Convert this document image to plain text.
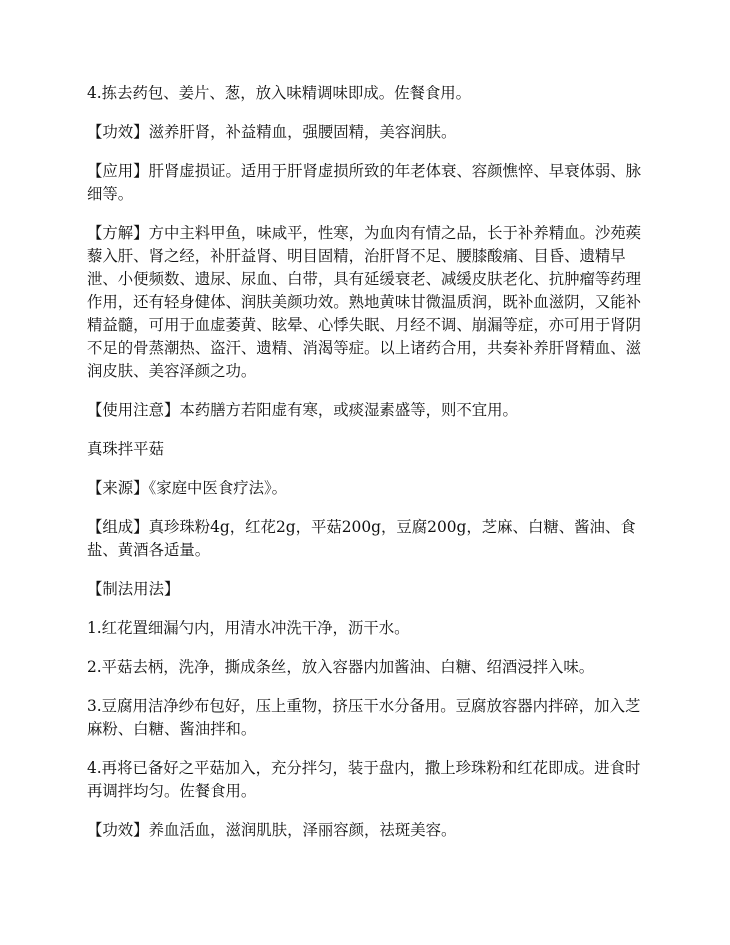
4.拣去药包、姜片、葱，放入味精调味即成。佐餐食用。

【功效】滋养肝肾，补益精血，强腰固精，美容润肤。

【应用】肝肾虚损证。适用于肝肾虚损所致的年老体衰、容颜憔悴、早衰体弱、脉细等。

【方解】方中主料甲鱼，味咸平，性寒，为血肉有情之品，长于补养精血。沙苑蒺藜入肝、肾之经，补肝益肾、明目固精，治肝肾不足、腰膝酸痛、目昏、遗精早泄、小便频数、遗尿、尿血、白带，具有延缓衰老、减缓皮肤老化、抗肿瘤等药理作用，还有轻身健体、润肤美颜功效。熟地黄味甘微温质润，既补血滋阴，又能补精益髓，可用于血虚萎黄、眩晕、心悸失眠、月经不调、崩漏等症，亦可用于肾阴不足的骨蒸潮热、盗汗、遗精、消渴等症。以上诸药合用，共奏补养肝肾精血、滋润皮肤、美容泽颜之功。

【使用注意】本药膳方若阳虚有寒，或痰湿素盛等，则不宜用。

真珠拌平菇

【来源】《家庭中医食疗法》。

【组成】真珍珠粉4g，红花2g，平菇200g，豆腐200g，芝麻、白糖、酱油、食盐、黄酒各适量。

【制法用法】

1.红花置细漏勺内，用清水冲洗干净，沥干水。

2.平菇去柄，洗净，撕成条丝，放入容器内加酱油、白糖、绍酒浸拌入味。

3.豆腐用洁净纱布包好，压上重物，挤压干水分备用。豆腐放容器内拌碎，加入芝麻粉、白糖、酱油拌和。

4.再将已备好之平菇加入，充分拌匀，装于盘内，撒上珍珠粉和红花即成。进食时再调拌均匀。佐餐食用。

【功效】养血活血，滋润肌肤，泽丽容颜，祛斑美容。
